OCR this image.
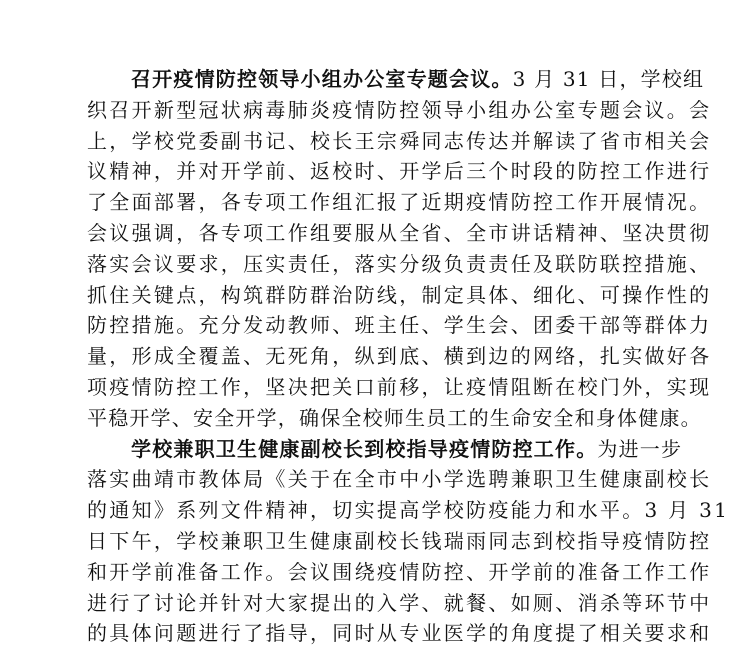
召开疫情防控领导小组办公室专题会议。3 月 31 日，学校组
织召开新型冠状病毒肺炎疫情防控领导小组办公室专题会议。会
上，学校党委副书记、校长王宗舜同志传达并解读了省市相关会
议精神，并对开学前、返校时、开学后三个时段的防控工作进行
了全面部署，各专项工作组汇报了近期疫情防控工作开展情况。
会议强调，各专项工作组要服从全省、全市讲话精神、坚决贯彻
落实会议要求，压实责任，落实分级负责责任及联防联控措施、
抓住关键点，构筑群防群治防线，制定具体、细化、可操作性的
防控措施。充分发动教师、班主任、学生会、团委干部等群体力
量，形成全覆盖、无死角，纵到底、横到边的网络，扎实做好各
项疫情防控工作，坚决把关口前移，让疫情阻断在校门外，实现
平稳开学、安全开学，确保全校师生员工的生命安全和身体健康。
学校兼职卫生健康副校长到校指导疫情防控工作。为进一步
落实曲靖市教体局《关于在全市中小学选聘兼职卫生健康副校长
的通知》系列文件精神，切实提高学校防疫能力和水平。3 月 31
日下午，学校兼职卫生健康副校长钱瑞雨同志到校指导疫情防控
和开学前准备工作。会议围绕疫情防控、开学前的准备工作工作
进行了讨论并针对大家提出的入学、就餐、如厕、消杀等环节中
的具体问题进行了指导，同时从专业医学的角度提了相关要求和
